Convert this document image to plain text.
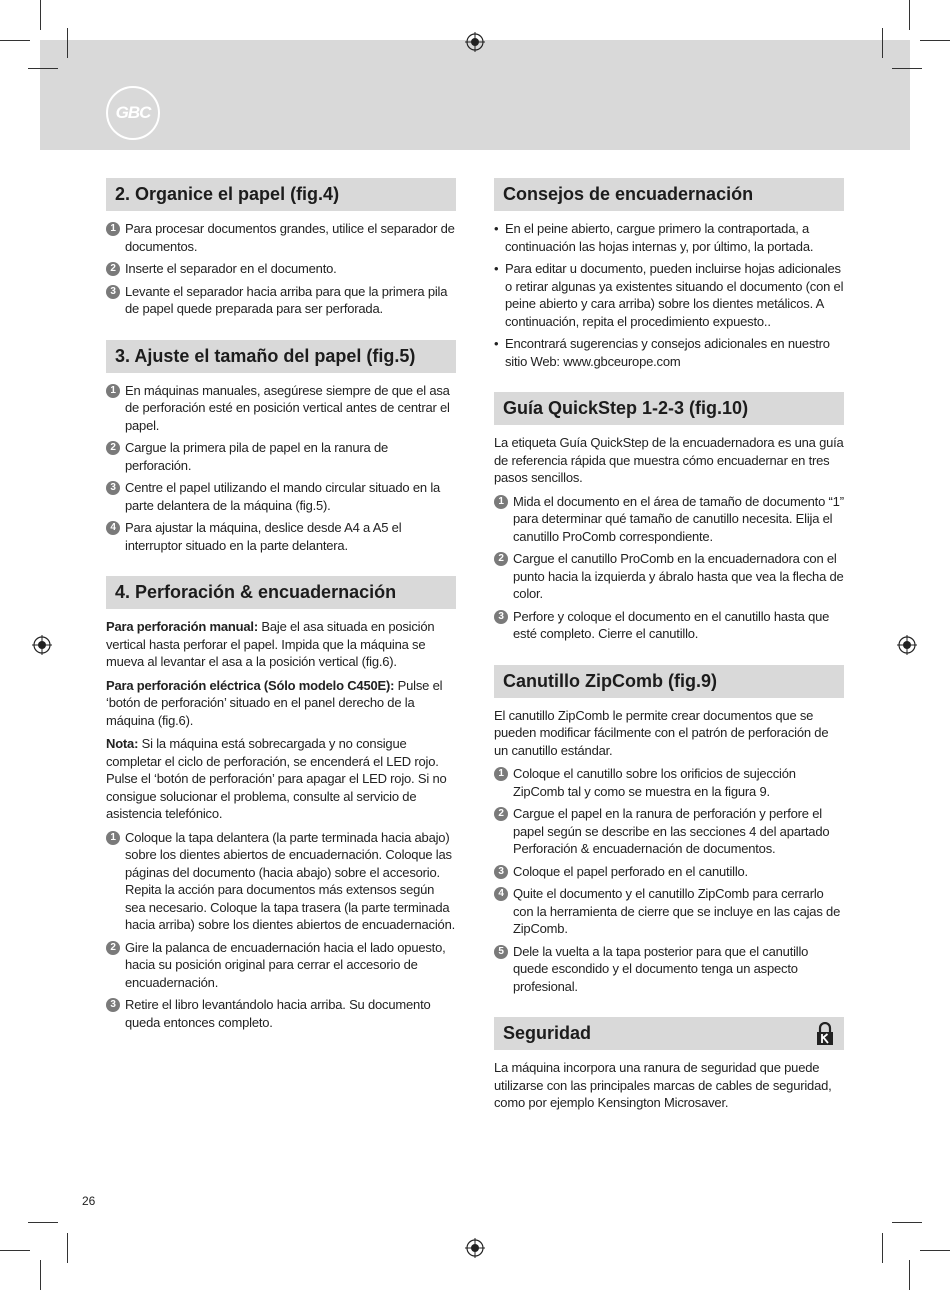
GBC
2. Organice el papel (fig.4)
1 Para procesar documentos grandes, utilice el separador de documentos.
2 Inserte el separador en el documento.
3 Levante el separador hacia arriba para que la primera pila de papel quede preparada para ser perforada.
3. Ajuste el tamaño del papel (fig.5)
1 En máquinas manuales, asegúrese siempre de que el asa de perforación esté en posición vertical antes de centrar el papel.
2 Cargue la primera pila de papel en la ranura de perforación.
3 Centre el papel utilizando el mando circular situado en la parte delantera de la máquina (fig.5).
4 Para ajustar la máquina, deslice desde A4 a A5 el interruptor situado en la parte delantera.
4. Perforación & encuadernación

Para perforación manual: Baje el asa situada en posición vertical hasta perforar el papel. Impida que la máquina se mueva al levantar el asa a la posición vertical (fig.6).

Para perforación eléctrica (Sólo modelo C450E): Pulse el ‘botón de perforación’ situado en el panel derecho de la máquina (fig.6).

Nota: Si la máquina está sobrecargada y no consigue completar el ciclo de perforación, se encenderá el LED rojo. Pulse el ‘botón de perforación’ para apagar el LED rojo. Si no consigue solucionar el problema, consulte al servicio de asistencia telefónico.

1 Coloque la tapa delantera (la parte terminada hacia abajo) sobre los dientes abiertos de encuadernación. Coloque las páginas del documento (hacia abajo) sobre el accesorio. Repita la acción para documentos más extensos según sea necesario. Coloque la tapa trasera (la parte terminada hacia arriba) sobre los dientes abiertos de encuadernación.
2 Gire la palanca de encuadernación hacia el lado opuesto, hacia su posición original para cerrar el accesorio de encuadernación.
3 Retire el libro levantándolo hacia arriba. Su documento queda entonces completo.
Consejos de encuadernación
• En el peine abierto, cargue primero la contraportada, a continuación las hojas internas y, por último, la portada.
• Para editar u documento, pueden incluirse hojas adicionales o retirar algunas ya existentes situando el documento (con el peine abierto y cara arriba) sobre los dientes metálicos. A continuación, repita el procedimiento expuesto..
• Encontrará sugerencias y consejos adicionales en nuestro sitio Web: www.gbceurope.com
Guía QuickStep 1-2-3 (fig.10)

La etiqueta Guía QuickStep de la encuadernadora es una guía de referencia rápida que muestra cómo encuadernar en tres pasos sencillos.

1 Mida el documento en el área de tamaño de documento “1” para determinar qué tamaño de canutillo necesita. Elija el canutillo ProComb correspondiente.
2 Cargue el canutillo ProComb en la encuadernadora con el punto hacia la izquierda y ábralo hasta que vea la flecha de color.
3 Perfore y coloque el documento en el canutillo hasta que esté completo. Cierre el canutillo.
Canutillo ZipComb (fig.9)

El canutillo ZipComb le permite crear documentos que se pueden modificar fácilmente con el patrón de perforación de un canutillo estándar.

1 Coloque el canutillo sobre los orificios de sujección ZipComb tal y como se muestra en la figura 9.
2 Cargue el papel en la ranura de perforación y perfore el papel según se describe en las secciones 4 del apartado Perforación & encuadernación de documentos.
3 Coloque el papel perforado en el canutillo.
4 Quite el documento y el canutillo ZipComb para cerrarlo con la herramienta de cierre que se incluye en las cajas de ZipComb.
5 Dele la vuelta a la tapa posterior para que el canutillo quede escondido y el documento tenga un aspecto profesional.
Seguridad

La máquina incorpora una ranura de seguridad que puede utilizarse con las principales marcas de cables de seguridad, como por ejemplo Kensington Microsaver.

26
